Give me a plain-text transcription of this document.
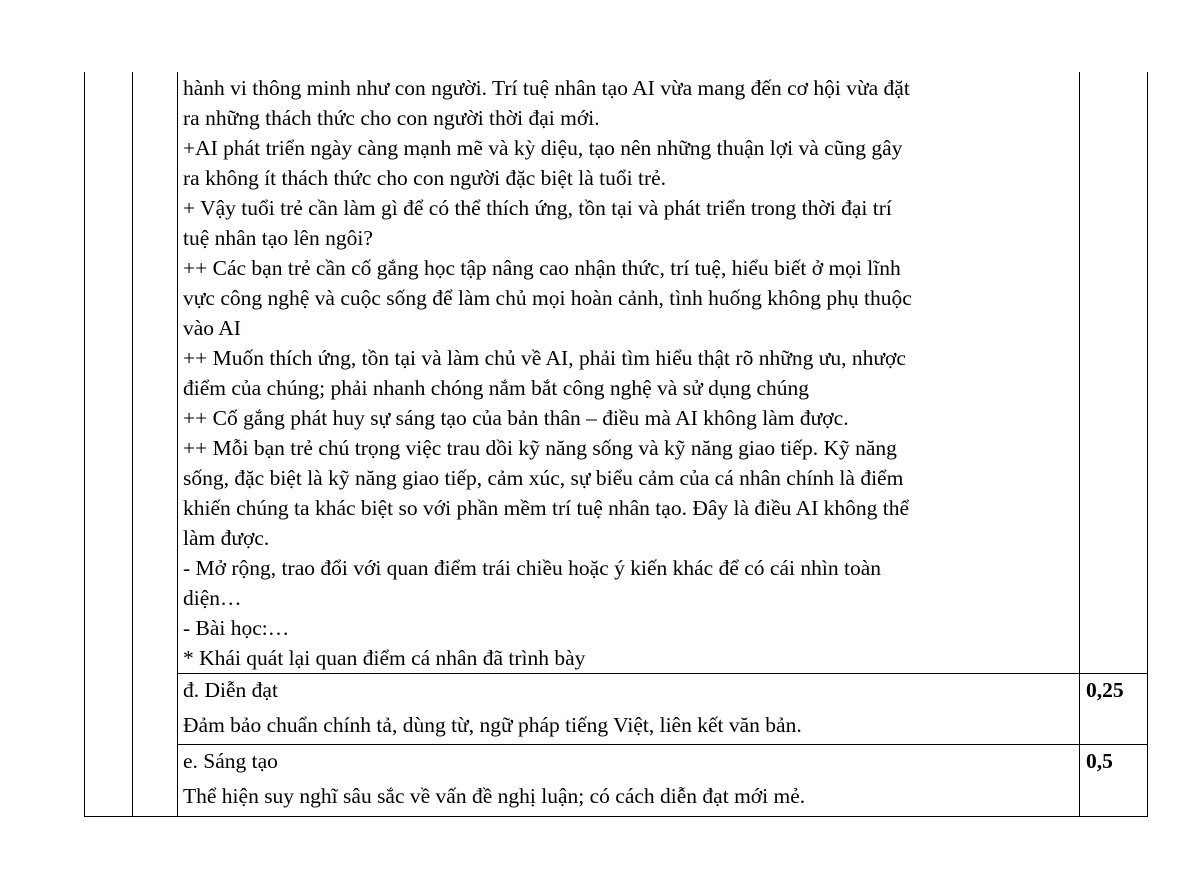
hành vi thông minh như con người. Trí tuệ nhân tạo AI vừa mang đến cơ hội vừa đặt
ra những thách thức cho con người thời đại mới.
+AI phát triển ngày càng mạnh mẽ và kỳ diệu, tạo nên những thuận lợi và cũng gây
ra không ít thách thức cho con người đặc biệt là tuổi trẻ.
+ Vậy tuổi trẻ cần làm gì để có thể thích ứng, tồn tại và phát triển trong thời đại trí
tuệ nhân tạo lên ngôi?
++ Các bạn trẻ cần cố gắng học tập nâng cao nhận thức, trí tuệ, hiểu biết ở mọi lĩnh
vực công nghệ và cuộc sống để làm chủ mọi hoàn cảnh, tình huống không phụ thuộc
vào AI
++ Muốn thích ứng, tồn tại và làm chủ về AI, phải tìm hiểu thật rõ những ưu, nhược
điểm của chúng; phải nhanh chóng nắm bắt công nghệ và sử dụng chúng
++ Cố gắng phát huy sự sáng tạo của bản thân – điều mà AI không làm được.
++ Mỗi bạn trẻ chú trọng việc trau dồi kỹ năng sống và kỹ năng giao tiếp. Kỹ năng
sống, đặc biệt là kỹ năng giao tiếp, cảm xúc, sự biểu cảm của cá nhân chính là điểm
khiến chúng ta khác biệt so với phần mềm trí tuệ nhân tạo. Đây là điều AI không thể
làm được.
- Mở rộng, trao đổi với quan điểm trái chiều hoặc ý kiến khác để có cái nhìn toàn
diện…
- Bài học:…
* Khái quát lại quan điểm cá nhân đã trình bày
đ. Diễn đạt
Đảm bảo chuẩn chính tả, dùng từ, ngữ pháp tiếng Việt, liên kết văn bản.
0,25
e. Sáng tạo
Thể hiện suy nghĩ sâu sắc về vấn đề nghị luận; có cách diễn đạt mới mẻ.
0,5
